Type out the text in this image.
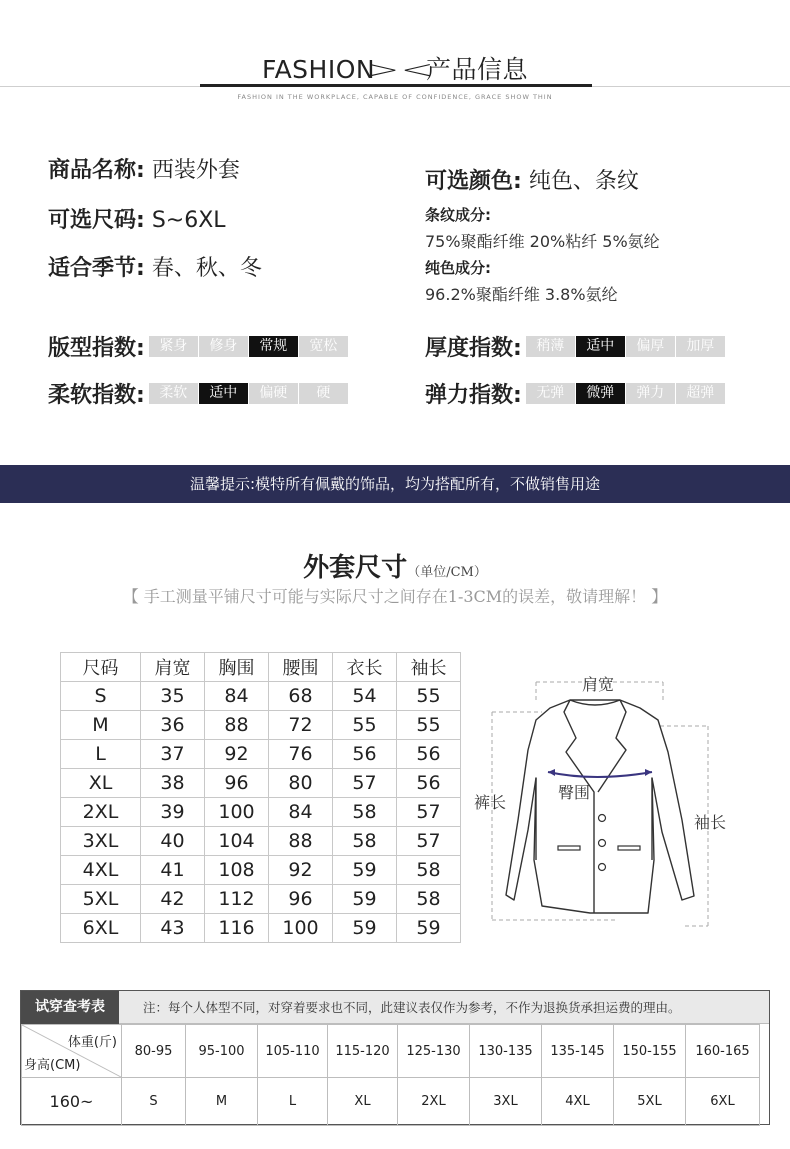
FASHION><产品信息
FASHION IN THE WORKPLACE, CAPABLE OF CONFIDENCE, GRACE SHOW THIN
商品名称: 西装外套
可选尺码: S~6XL
适合季节: 春、秋、冬
可选颜色: 纯色、条纹
条纹成分:
75%聚酯纤维 20%粘纤 5%氨纶
纯色成分:
96.2%聚酯纤维 3.8%氨纶
版型指数:	紧身	修身	常规	宽松	厚度指数:	稍薄	适中	偏厚	加厚
柔软指数:	柔软	适中	偏硬	硬	弹力指数:	无弹	微弹	弹力	超弹
温馨提示:模特所有佩戴的饰品，均为搭配所有，不做销售用途
外套尺寸（单位/CM）
【 手工测量平铺尺寸可能与实际尺寸之间存在1-3CM的误差，敬请理解！ 】
尺码	肩宽	胸围	腰围	衣长	袖长
S	35	84	68	54	55
M	36	88	72	55	55
L	37	92	76	56	56
XL	38	96	80	57	56
2XL	39	100	84	58	57
3XL	40	104	88	58	57
4XL	41	108	92	59	58
5XL	42	112	96	59	58
6XL	43	116	100	59	59
肩宽
裤长
臀围
袖长
试穿查考表	注：每个人体型不同，对穿着要求也不同，此建议表仅作为参考，不作为退换货承担运费的理由。
体重(斤)
身高(CM)	80-95	95-100	105-110	115-120	125-130	130-135	135-145	150-155	160-165
160~	S	M	L	XL	2XL	3XL	4XL	5XL	6XL
